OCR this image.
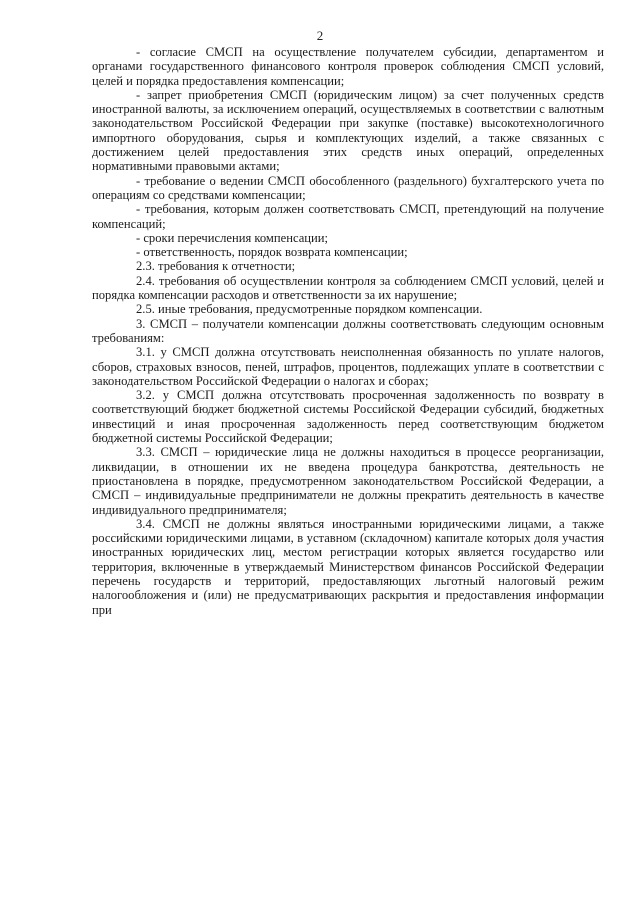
2

- согласие СМСП на осуществление получателем субсидии, департаментом и органами государственного финансового контроля проверок соблюдения СМСП условий, целей и порядка предоставления компенсации;

- запрет приобретения СМСП (юридическим лицом) за счет полученных средств иностранной валюты, за исключением операций, осуществляемых в соответствии с валютным законодательством Российской Федерации при закупке (поставке) высокотехнологичного импортного оборудования, сырья и комплектующих изделий, а также связанных с достижением целей предоставления этих средств иных операций, определенных нормативными правовыми актами;

- требование о ведении СМСП обособленного (раздельного) бухгалтерского учета по операциям со средствами компенсации;

- требования, которым должен соответствовать СМСП, претендующий на получение компенсаций;

- сроки перечисления компенсации;

- ответственность, порядок возврата компенсации;

2.3. требования к отчетности;

2.4. требования об осуществлении контроля за соблюдением СМСП условий, целей и порядка компенсации расходов и ответственности за их нарушение;

2.5. иные требования, предусмотренные порядком компенсации.

3. СМСП – получатели компенсации должны соответствовать следующим основным требованиям:

3.1. у СМСП должна отсутствовать неисполненная обязанность по уплате налогов, сборов, страховых взносов, пеней, штрафов, процентов, подлежащих уплате в соответствии с законодательством Российской Федерации о налогах и сборах;

3.2. у СМСП должна отсутствовать просроченная задолженность по возврату в соответствующий бюджет бюджетной системы Российской Федерации субсидий, бюджетных инвестиций и иная просроченная задолженность перед соответствующим бюджетом бюджетной системы Российской Федерации;

3.3. СМСП – юридические лица не должны находиться в процессе реорганизации, ликвидации, в отношении их не введена процедура банкротства, деятельность не приостановлена в порядке, предусмотренном законодательством Российской Федерации, а СМСП – индивидуальные предприниматели не должны прекратить деятельность в качестве индивидуального предпринимателя;

3.4. СМСП не должны являться иностранными юридическими лицами, а также российскими юридическими лицами, в уставном (складочном) капитале которых доля участия иностранных юридических лиц, местом регистрации которых является государство или территория, включенные в утверждаемый Министерством финансов Российской Федерации перечень государств и территорий, предоставляющих льготный налоговый режим налогообложения и (или) не предусматривающих раскрытия и предоставления информации при
